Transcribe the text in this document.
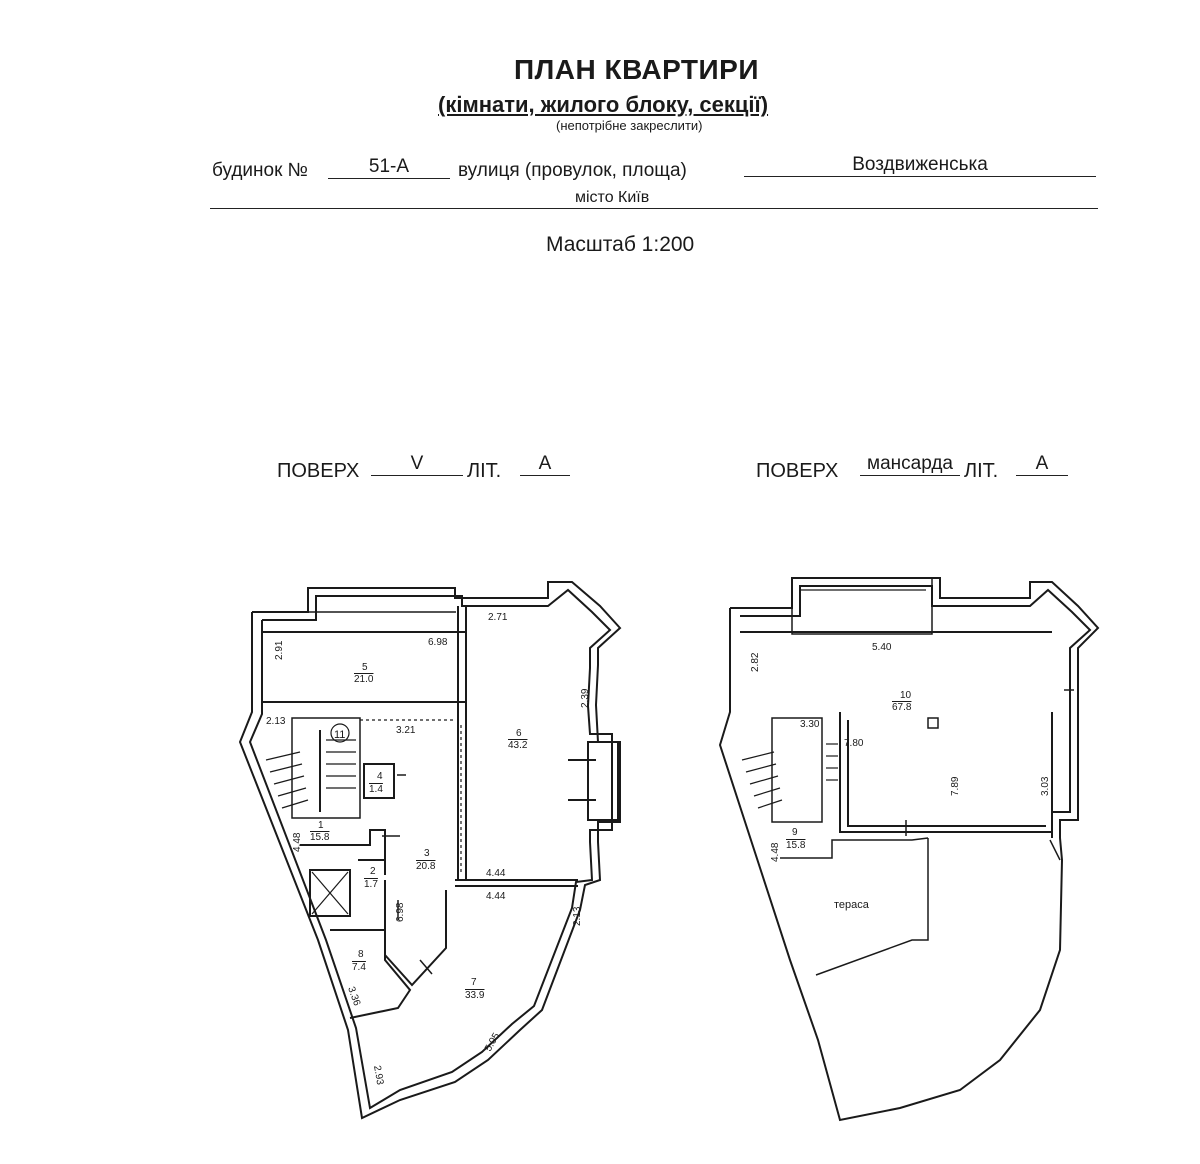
ПЛАН КВАРТИРИ
(кімнати, жилого блоку, секції)
(непотрібне закреслити)
будинок №	51-А	вулиця (провулок, площа)	Воздвиженська
місто Київ
Масштаб 1:200
ПОВЕРХ	V	ЛІТ.	А	ПОВЕРХ	мансарда ЛІТ.	А
11
5
21.0
6
43.2
4
1.4
1
15.8
3
20.8
2
1.7
8
7.4
7
33.9
6.98
2.71
2.91
2.39
2.13
3.21
4.48
6.98
4.44
4.44
2.13
3.36
5.05
2.93
10
67.8
9
15.8
тераса
5.40
2.82
3.30
7.80
7.89	3.03
4.48
